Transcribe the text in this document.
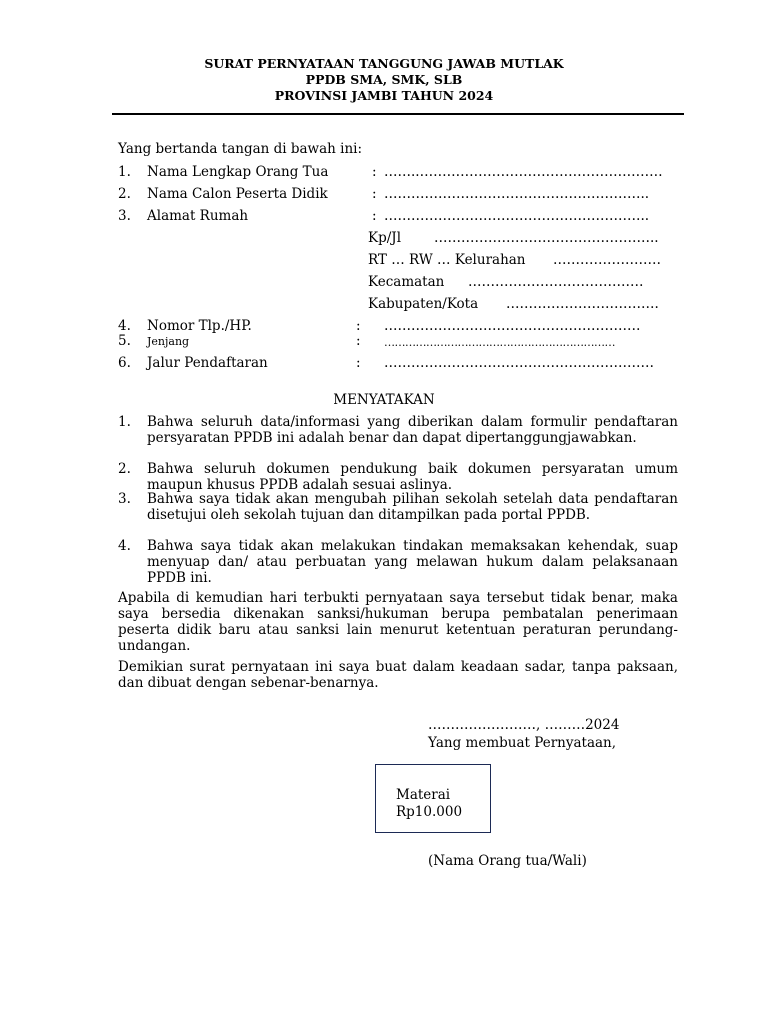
SURAT PERNYATAAN TANGGUNG JAWAB MUTLAK
PPDB SMA, SMK, SLB
PROVINSI JAMBI TAHUN 2024
Yang bertanda tangan di bawah ini:
1. Nama Lengkap Orang Tua	: ……..………………………………………………
2. Nama Calon Peserta Didik	: …………………………………………………..
3. Alamat Rumah	: …………………………………………………..
Kp/Jl …………………………………………..
RT … RW … Kelurahan ……………………
Kecamatan …………………………………
Kabupaten/Kota …………………………….
4. Nomor Tlp./HP.	: …………………………………………………
5. Jenjang	: …………………………………………………………
6. Jalur Pendaftaran	: ……………………………………………………
MENYATAKAN
1. Bahwa seluruh data/informasi yang diberikan dalam formulir pendaftaran persyaratan PPDB ini adalah benar dan dapat dipertanggungjawabkan.
2. Bahwa seluruh dokumen pendukung baik dokumen persyaratan umum maupun khusus PPDB adalah sesuai aslinya.
3. Bahwa saya tidak akan mengubah pilihan sekolah setelah data pendaftaran disetujui oleh sekolah tujuan dan ditampilkan pada portal PPDB.
4. Bahwa saya tidak akan melakukan tindakan memaksakan kehendak, suap menyuap dan/ atau perbuatan yang melawan hukum dalam pelaksanaan PPDB ini.
Apabila di kemudian hari terbukti pernyataan saya tersebut tidak benar, maka saya bersedia dikenakan sanksi/hukuman berupa pembatalan penerimaan peserta didik baru atau sanksi lain menurut ketentuan peraturan perundang-undangan.
Demikian surat pernyataan ini saya buat dalam keadaan sadar, tanpa paksaan, dan dibuat dengan sebenar-benarnya.
……………………, ………2024
Yang membuat Pernyataan,
Materai
Rp10.000
(Nama Orang tua/Wali)
